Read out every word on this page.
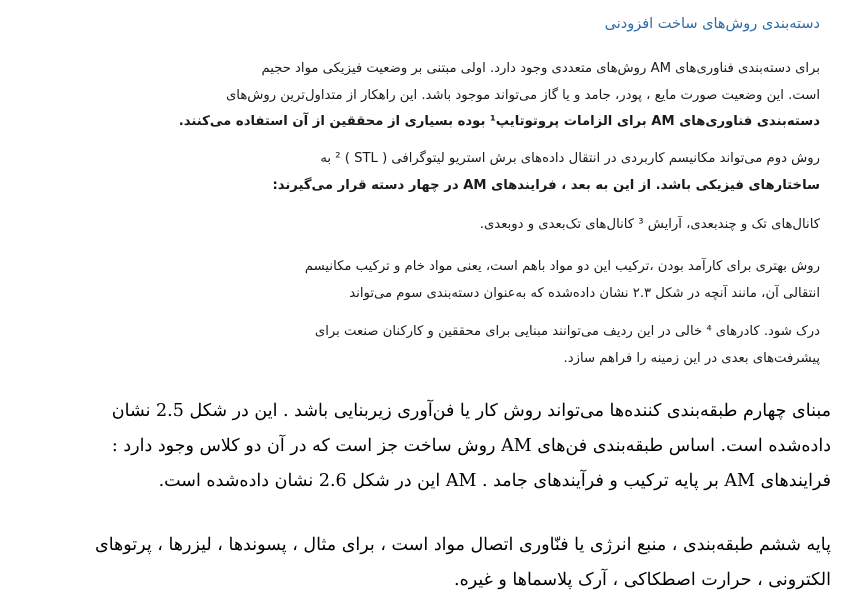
دسته‌بندی روش‌های ساخت افزودنی

برای دسته‌بندی فناوری‌های AM روش‌های متعددی وجود دارد. اولی مبتنی بر وضعیت فیزیکی مواد حجیم

است. این وضعیت صورت مایع ، پودر، جامد و یا گاز می‌تواند موجود باشد. این راهکار از متداول‌ترین روش‌های

دسته‌بندی فناوری‌های AM برای الزامات پروتوتایپ¹ بوده بسیاری از محققین از آن استفاده می‌کنند.

روش دوم می‌تواند مکانیسم کاربردی در انتقال داده‌های برش استریو لیتوگرافی ( STL ) ² به

ساختارهای فیزیکی باشد. از این به بعد ، فرایندهای AM در چهار دسته قرار می‌گیرند:

کانال‌های تک و چندبعدی، آرایش ³ کانال‌های تک‌بعدی و دوبعدی.

روش بهتری برای کارآمد بودن ،ترکیب این دو مواد باهم است، یعنی مواد خام و ترکیب مکانیسم

انتقالی آن، مانند آنچه در شکل ۲.۳ نشان داده‌شده که به‌عنوان دسته‌بندی سوم می‌تواند

درک شود. کادرهای ⁴ خالی در این ردیف می‌توانند مبنایی برای محققین و کارکنان صنعت برای

پیشرفت‌های بعدی در این زمینه را فراهم سازد.

مبنای چهارم طبقه‌بندی کننده‌ها می‌تواند روش کار یا فن‌آوری زیربنایی باشد . این در شکل 2.5 نشان

داده‌شده است. اساس طبقه‌بندی فن‌های AM روش ساخت جز است که در آن دو کلاس وجود دارد :

فرایندهای AM بر پایه ترکیب و فرآیندهای جامد . AM این در شکل 2.6 نشان داده‌شده است.

پایه ششم طبقه‌بندی ، منبع انرژی یا فنّاوری اتصال مواد است ، برای مثال ، پسوندها ، لیزرها ، پرتوهای

الکترونی ، حرارت اصطکاکی ، آرک پلاسماها و غیره.
